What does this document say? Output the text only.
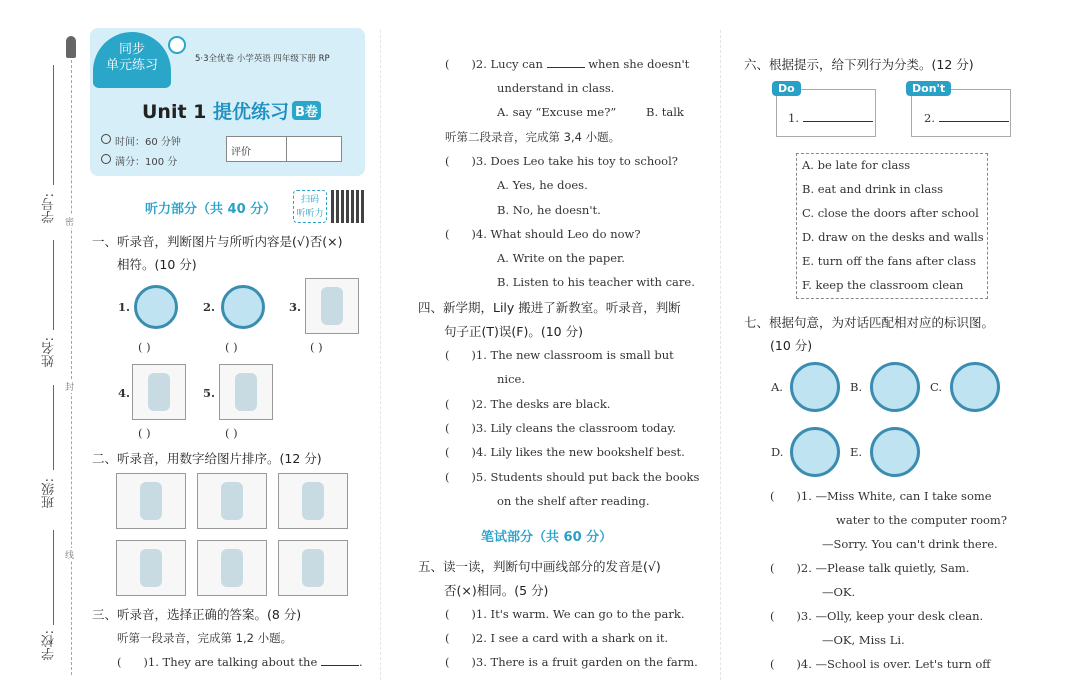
学号:
姓名:
班级:
学校:
密
封
线
同步
单元练习	5·3全优卷 小学英语 四年级下册 RP
Unit 1 提优练习 B卷
时间：60 分钟
满分：100 分
评价
听力部分（共 40 分）
扫码
听听力
一、听录音，判断图片与所听内容是(√)否(×)
相符。(10 分)
1.	2.	3.
( )	( )	( )
4.	5.
( )	( )
二、听录音，用数字给图片排序。(12 分)
三、听录音，选择正确的答案。(8 分)
听第一段录音，完成第 1,2 小题。
(      )1. They are talking about the	.
(      )2. Lucy can	when she doesn't
understand in class.
A. say “Excuse me?”	B. talk
听第二段录音，完成第 3,4 小题。
(      )3. Does Leo take his toy to school?
A. Yes, he does.
B. No, he doesn't.
(      )4. What should Leo do now?
A. Write on the paper.
B. Listen to his teacher with care.
四、新学期，Lily 搬进了新教室。听录音，判断
句子正(T)误(F)。(10 分)
(      )1. The new classroom is small but
nice.
(      )2. The desks are black.
(      )3. Lily cleans the classroom today.
(      )4. Lily likes the new bookshelf best.
(      )5. Students should put back the books
on the shelf after reading.
笔试部分（共 60 分）
五、读一读，判断句中画线部分的发音是(√)
否(×)相同。(5 分)
(      )1. It's warm. We can go to the park.
(      )2. I see a card with a shark on it.
(      )3. There is a fruit garden on the farm.
六、根据提示，给下列行为分类。(12 分)
Do
1.
Don't
2.
A. be late for class
B. eat and drink in class
C. close the doors after school
D. draw on the desks and walls
E. turn off the fans after class
F. keep the classroom clean
七、根据句意，为对话匹配相对应的标识图。
(10 分)
A.	B.	C.
D.	E.
(      )1. —Miss White, can I take some
water to the computer room?
—Sorry. You can't drink there.
(      )2. —Please talk quietly, Sam.
—OK.
(      )3. —Olly, keep your desk clean.
—OK, Miss Li.
(      )4. —School is over. Let's turn off
